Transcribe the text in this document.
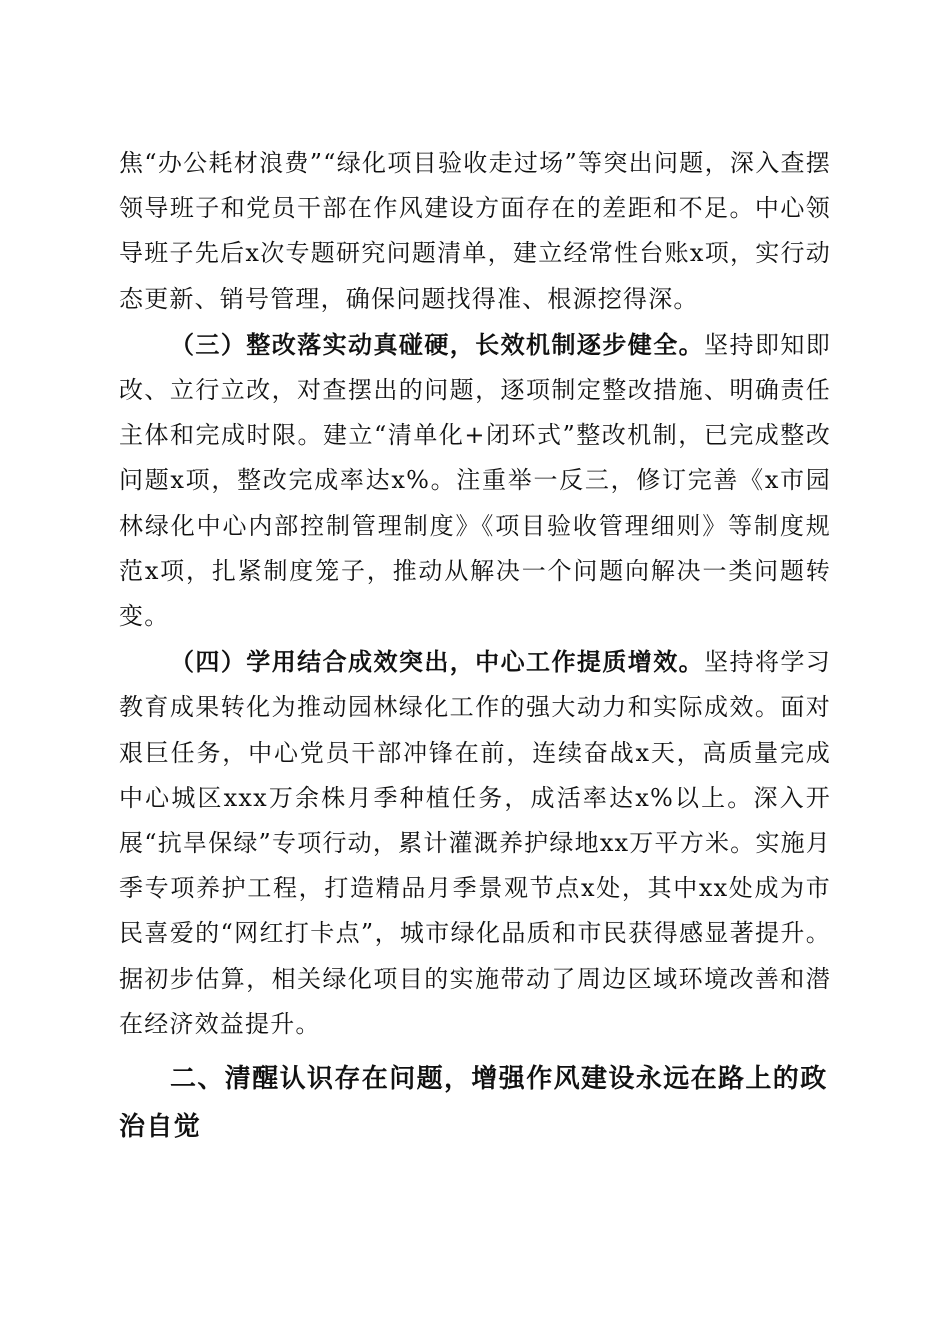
焦“办公耗材浪费”“绿化项目验收走过场”等突出问题，深入查摆领导班子和党员干部在作风建设方面存在的差距和不足。中心领导班子先后x次专题研究问题清单，建立经常性台账x项，实行动态更新、销号管理，确保问题找得准、根源挖得深。

（三）整改落实动真碰硬，长效机制逐步健全。坚持即知即改、立行立改，对查摆出的问题，逐项制定整改措施、明确责任主体和完成时限。建立“清单化+闭环式”整改机制，已完成整改问题x项，整改完成率达x%。注重举一反三，修订完善《x市园林绿化中心内部控制管理制度》《项目验收管理细则》等制度规范x项，扎紧制度笼子，推动从解决一个问题向解决一类问题转变。

（四）学用结合成效突出，中心工作提质增效。坚持将学习教育成果转化为推动园林绿化工作的强大动力和实际成效。面对艰巨任务，中心党员干部冲锋在前，连续奋战x天，高质量完成中心城区xxx万余株月季种植任务，成活率达x%以上。深入开展“抗旱保绿”专项行动，累计灌溉养护绿地xx万平方米。实施月季专项养护工程，打造精品月季景观节点x处，其中xx处成为市民喜爱的“网红打卡点”，城市绿化品质和市民获得感显著提升。据初步估算，相关绿化项目的实施带动了周边区域环境改善和潜在经济效益提升。

二、清醒认识存在问题，增强作风建设永远在路上的政治自觉
